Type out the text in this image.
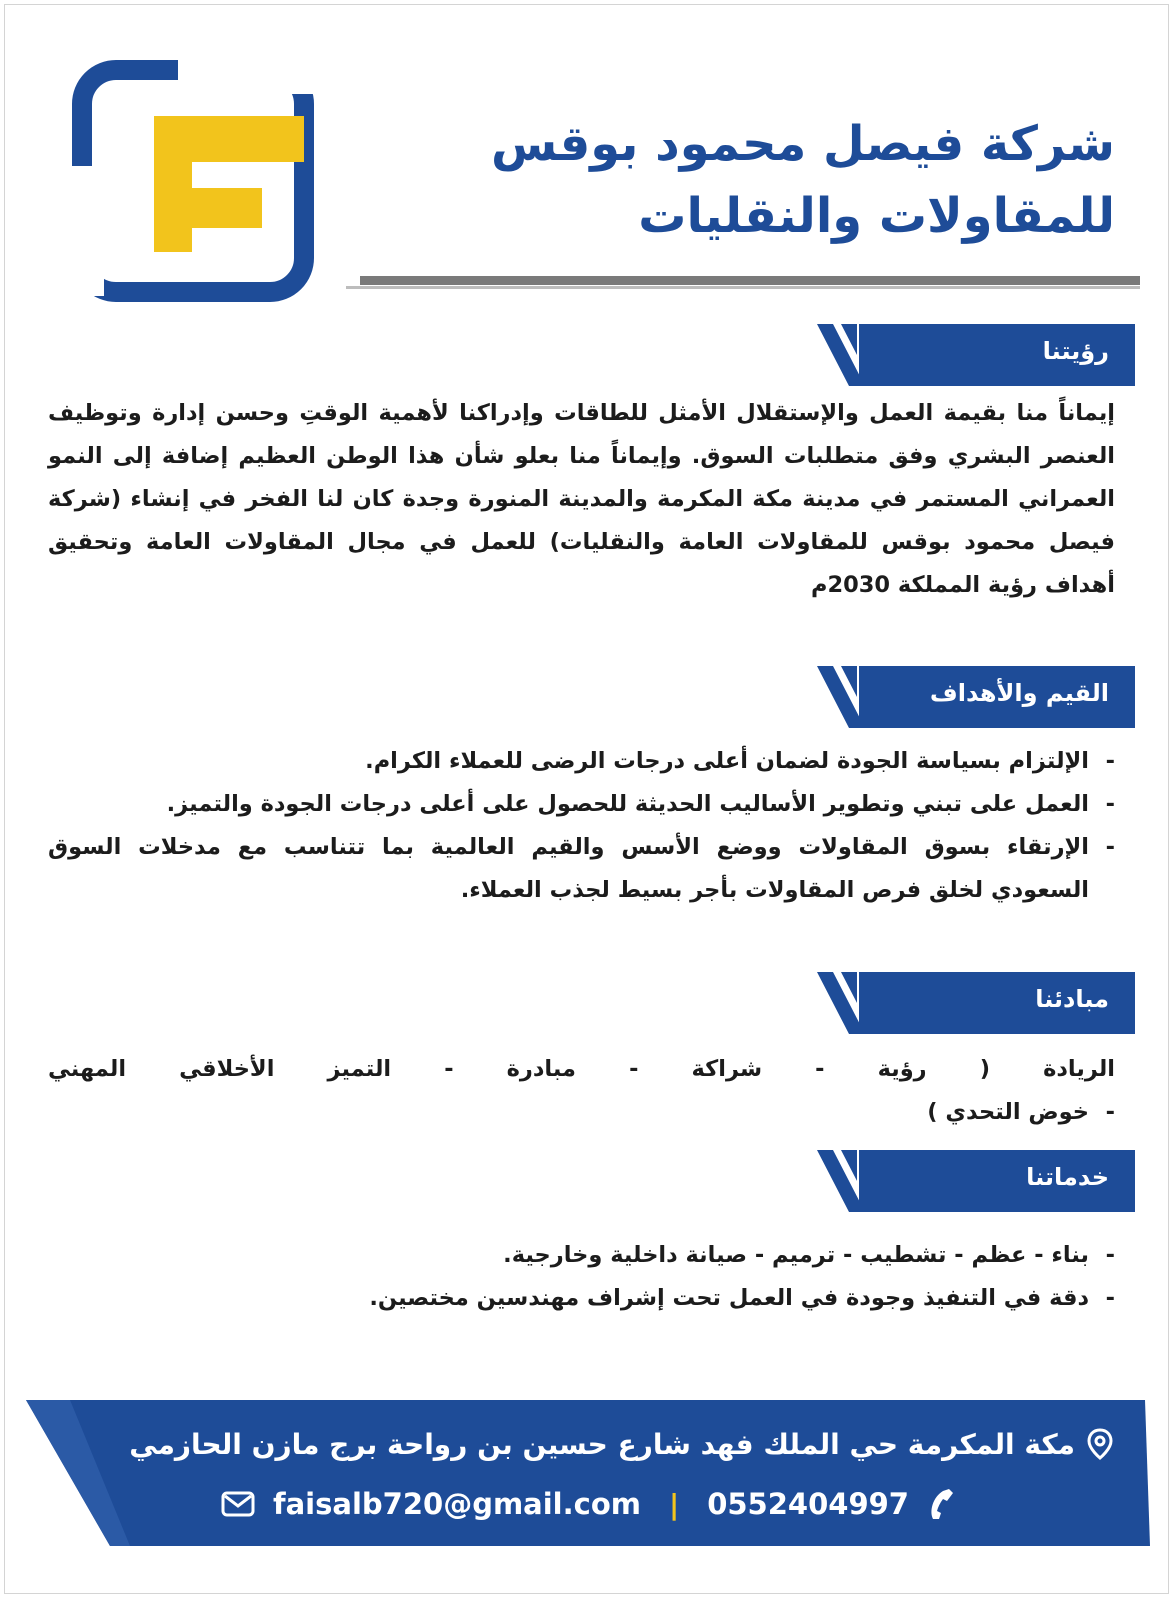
شركة فيصل محمود بوقس
للمقاولات والنقليات
رؤيتنا
إيماناً منا بقيمة العمل والإستقلال الأمثل للطاقات وإدراكنا لأهمية الوقتِ وحسن إدارة وتوظيف العنصر البشري وفق متطلبات السوق. وإيماناً منا بعلو شأن هذا الوطن العظيم إضافة إلى النمو العمراني المستمر في مدينة مكة المكرمة والمدينة المنورة وجدة كان لنا الفخر في إنشاء (شركة فيصل محمود بوقس للمقاولات العامة والنقليات) للعمل في مجال المقاولات العامة وتحقيق أهداف رؤية المملكة 2030م
القيم والأهداف
- الإلتزام بسياسة الجودة لضمان أعلى درجات الرضى للعملاء الكرام.
- العمل على تبني وتطوير الأساليب الحديثة للحصول على أعلى درجات الجودة والتميز.
- الإرتقاء بسوق المقاولات ووضع الأسس والقيم العالمية بما تتناسب مع مدخلات السوق السعودي لخلق فرص المقاولات بأجر بسيط لجذب العملاء.
مبادئنا
الريادة ( رؤية - شراكة - مبادرة - التميز الأخلاقي المهني
- خوض التحدي )
خدماتنا
- بناء - عظم - تشطيب - ترميم - صيانة داخلية وخارجية.
- دقة في التنفيذ وجودة في العمل تحت إشراف مهندسين مختصين.
مكة المكرمة حي الملك فهد شارع حسين بن رواحة برج مازن الحازمي
faisalb720@gmail.com	| 0552404997
